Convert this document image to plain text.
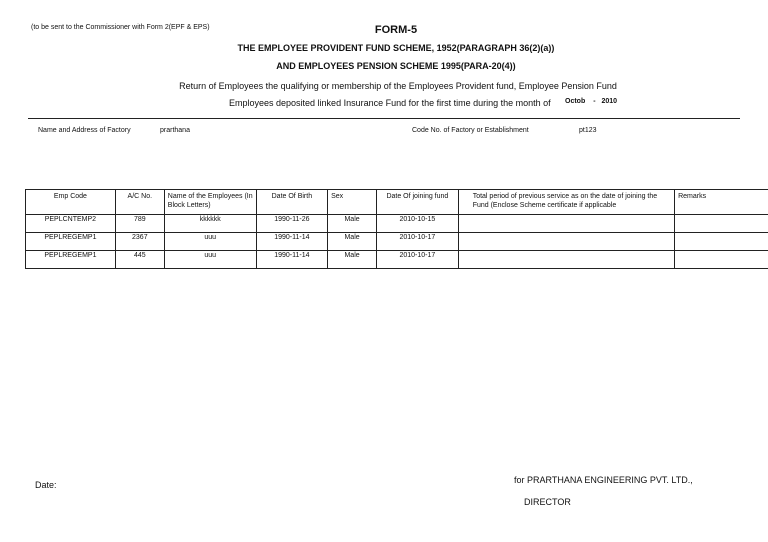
(to be sent to the Commissioner with Form 2(EPF & EPS)	FORM-5
THE EMPLOYEE PROVIDENT FUND SCHEME, 1952(PARAGRAPH 36(2)(a))
AND EMPLOYEES PENSION SCHEME 1995(PARA-20(4))
Return of Employees the qualifying or membership of the Employees Provident fund, Employee Pension Fund
Employees deposited linked Insurance Fund for the first time during the month of Octob - 2010
Name and Address of Factory	prarthana	Code No. of Factory or Establishment	pt123
Emp Code	A/C No.	Name of the Employees (In Block Letters)	Date Of Birth	Sex	Date Of joining fund	Total period of previous service as on the date of joining the Fund (Enclose Scheme certificate if applicable	Remarks
PEPLCNTEMP2	789	kkkkkk	1990-11-26	Male	2010-10-15		
PEPLREGEMP1	2367	uuu	1990-11-14	Male	2010-10-17		
PEPLREGEMP1	445	uuu	1990-11-14	Male	2010-10-17		
Date:	for PRARTHANA ENGINEERING PVT. LTD.,
DIRECTOR
